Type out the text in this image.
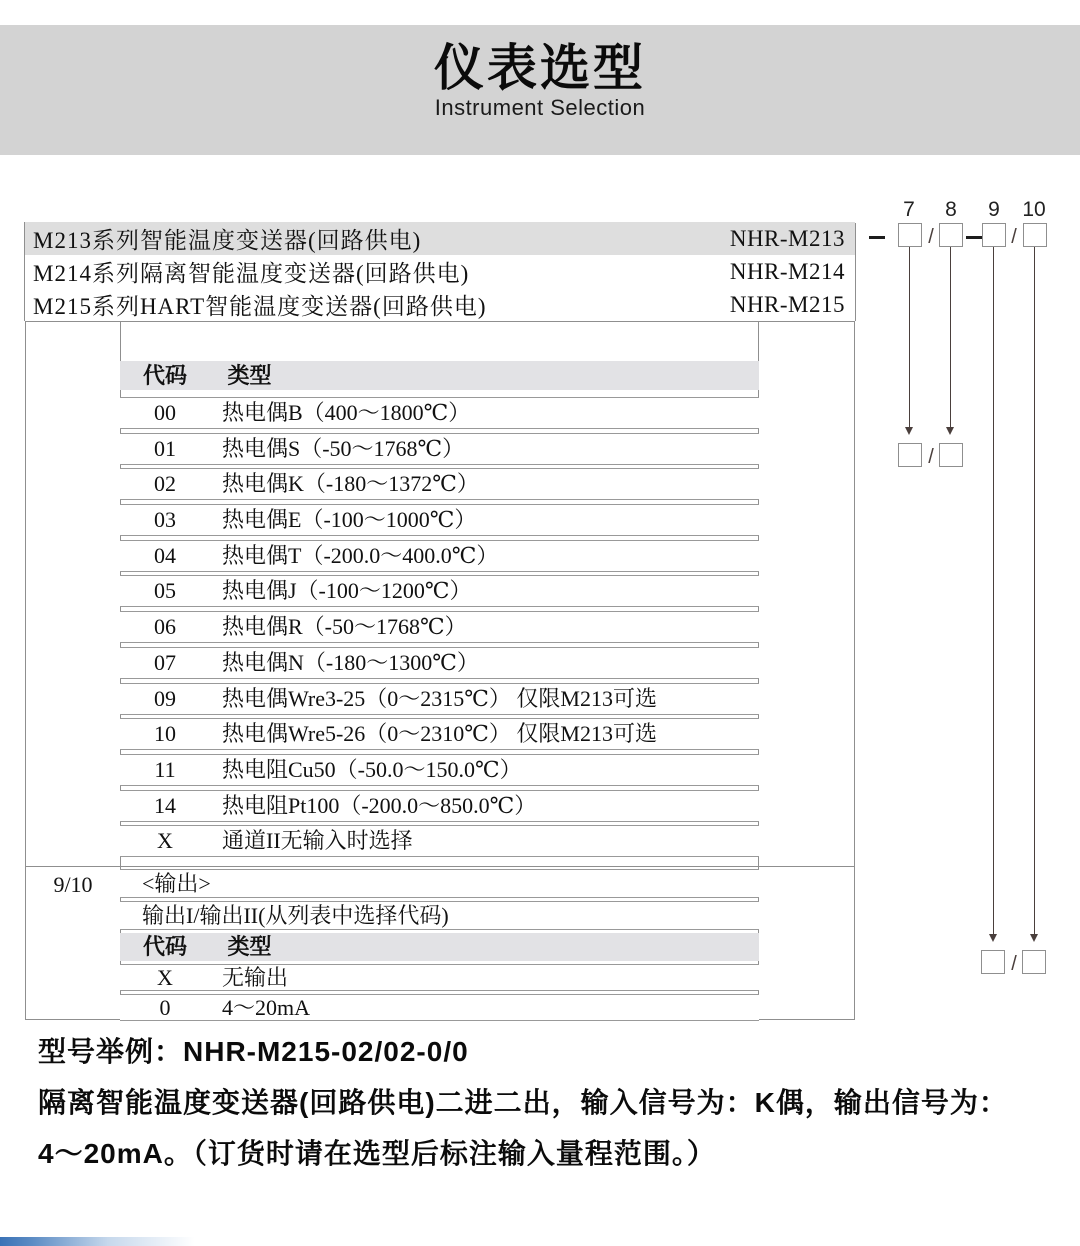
仪表选型
Instrument Selection
M213系列智能温度变送器(回路供电)	NHR-M213
M214系列隔离智能温度变送器(回路供电)	NHR-M214
M215系列HART智能温度变送器(回路供电)	NHR-M215
7	8	9	10
/	/
/
/
9/10
代码 类型
00 热电偶B（400～1800℃）
01 热电偶S（-50～1768℃）
02 热电偶K（-180～1372℃）
03 热电偶E（-100～1000℃）
04 热电偶T（-200.0～400.0℃）
05 热电偶J（-100～1200℃）
06 热电偶R（-50～1768℃）
07 热电偶N（-180～1300℃）
09 热电偶Wre3-25（0～2315℃） 仅限M213可选
10 热电偶Wre5-26（0～2310℃） 仅限M213可选
11 热电阻Cu50（-50.0～150.0℃）
14 热电阻Pt100（-200.0～850.0℃）
X 通道II无输入时选择
<输出>
输出I/输出II(从列表中选择代码)
代码 类型
X 无输出
0 4～20mA
型号举例：NHR-M215-02/02-0/0
隔离智能温度变送器(回路供电)二进二出，输入信号为：K偶，输出信号为：
4～20mA。（订货时请在选型后标注输入量程范围。）
